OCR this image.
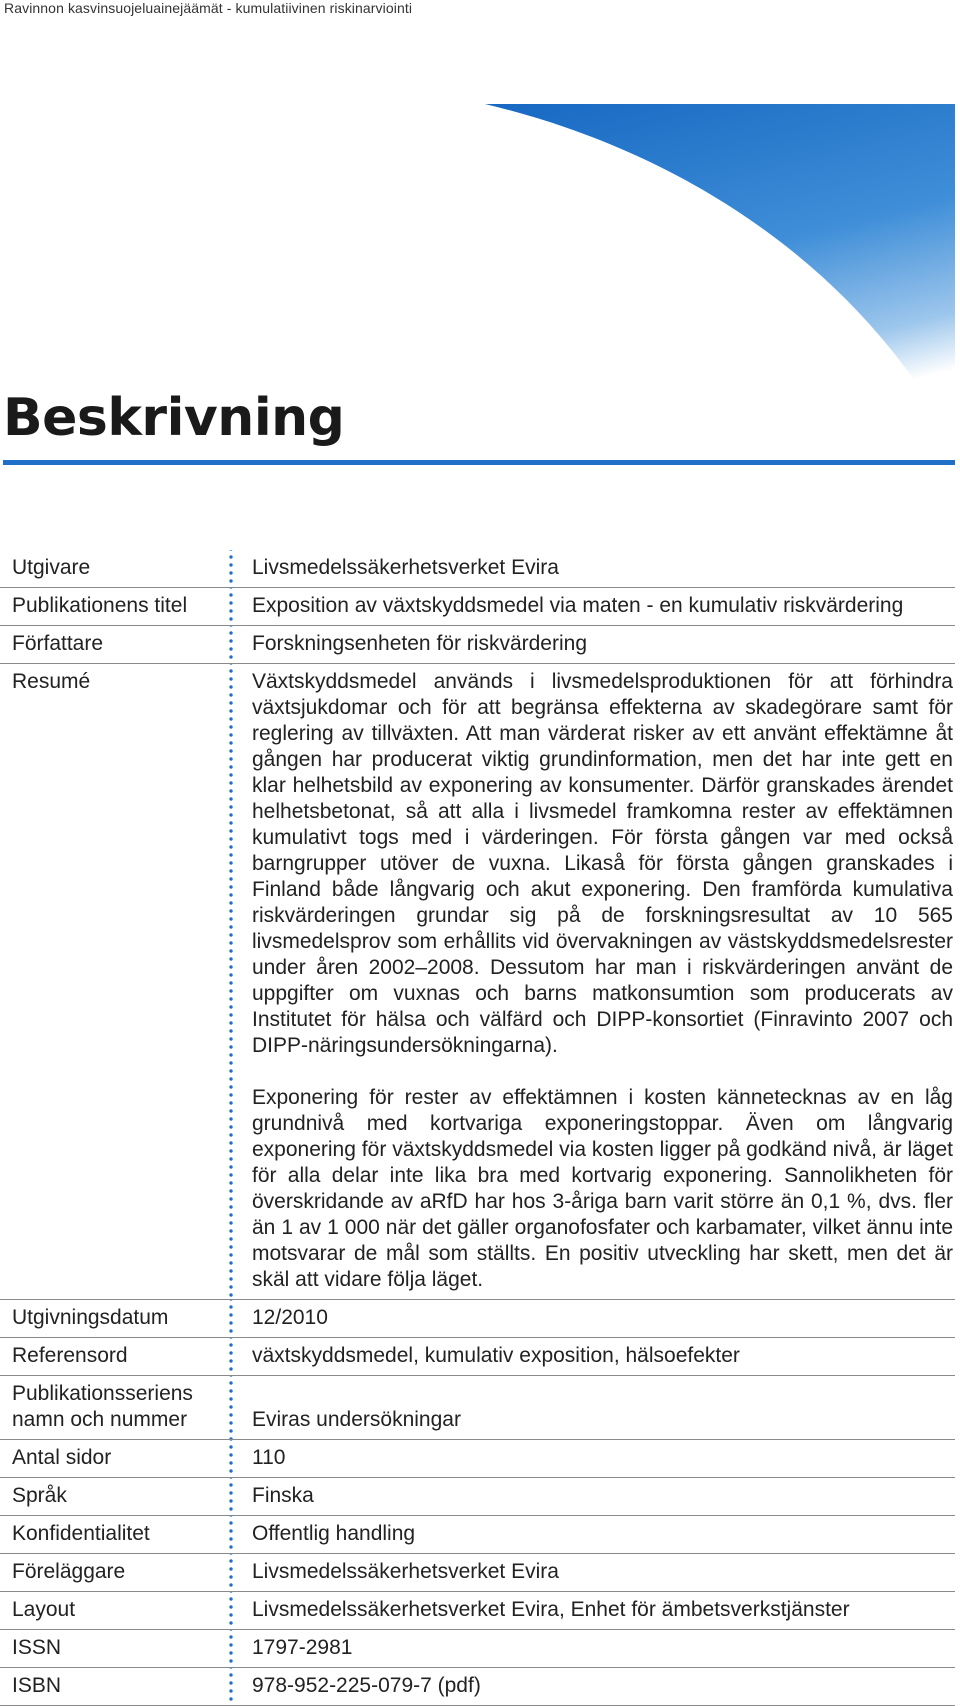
Ravinnon kasvinsuojeluainejäämät - kumulatiivinen riskinarviointi
Beskrivning
Utgivare	Livsmedelssäkerhetsverket Evira
Publikationens titel	Exposition av växtskyddsmedel via maten - en kumulativ riskvärdering
Författare	Forskningsenheten för riskvärdering
Resumé	Växtskyddsmedel används i livsmedelsproduktionen för att förhindra växtsjukdomar och för att begränsa effekterna av skadegörare samt för reglering av tillväxten. Att man värderat risker av ett använt effektämne åt gången har producerat viktig grundinformation, men det har inte gett en klar helhetsbild av exponering av konsumenter. Därför granskades ärendet helhetsbetonat, så att alla i livsmedel framkomna rester av effektämnen kumulativt togs med i värderingen. För första gången var med också barngrupper utöver de vuxna. Likaså för första gången granskades i Finland både långvarig och akut exponering. Den framförda kumulativa riskvärderingen grundar sig på de forskningsresultat av 10 565 livsmedelsprov som erhållits vid övervakningen av västskyddsmedelsrester under åren 2002–2008. Dessutom har man i riskvärderingen använt de uppgifter om vuxnas och barns matkonsumtion som producerats av Institutet för hälsa och välfärd och DIPP-konsortiet (Finravinto 2007 och DIPP-näringsundersökningarna).

Exponering för rester av effektämnen i kosten kännetecknas av en låg grundnivå med kortvariga exponeringstoppar. Även om långvarig exponering för växtskyddsmedel via kosten ligger på godkänd nivå, är läget för alla delar inte lika bra med kortvarig exponering. Sannolikheten för överskridande av aRfD har hos 3-åriga barn varit större än 0,1 %, dvs. fler än 1 av 1 000 när det gäller organofosfater och karbamater, vilket ännu inte motsvarar de mål som ställts. En positiv utveckling har skett, men det är skäl att vidare följa läget.

Utgivningsdatum	12/2010
Referensord	växtskyddsmedel, kumulativ exposition, hälsoefekter
Publikationsseriens
namn och nummer	Eviras undersökningar
Antal sidor	110
Språk	Finska
Konfidentialitet	Offentlig handling
Föreläggare	Livsmedelssäkerhetsverket Evira
Layout	Livsmedelssäkerhetsverket Evira, Enhet för ämbetsverkstjänster
ISSN	1797-2981
ISBN	978-952-225-079-7 (pdf)
